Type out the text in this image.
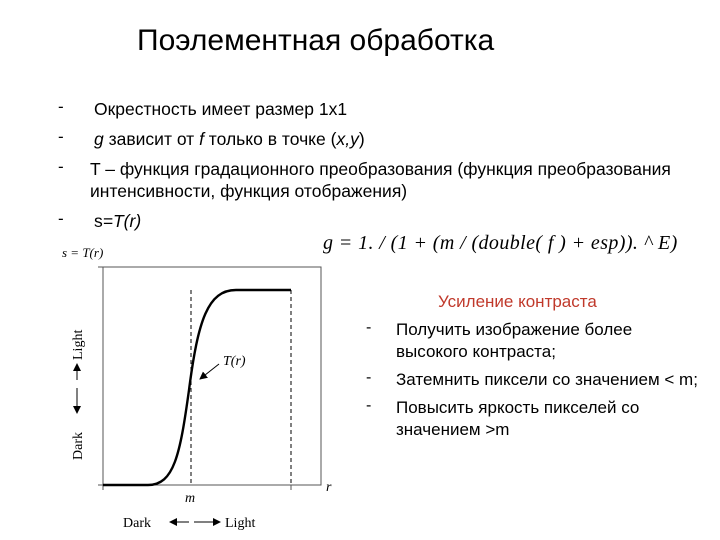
Поэлементная обработка
- Окрестность имеет размер 1х1
- g зависит от f только в точке (x,y)
- T – функция градационного преобразования (функция преобразования интенсивности, функция отображения)
- s=T(r)
g = 1. / (1 + (m / (double( f ) + esp)). ^ E)
s = T(r)
T(r)
r
m
Light
Dark
Dark	Light
Усиление контраста
- Получить изображение более высокого контраста;
- Затемнить пиксели со значением < m;
- Повысить яркость пикселей со значением >m
